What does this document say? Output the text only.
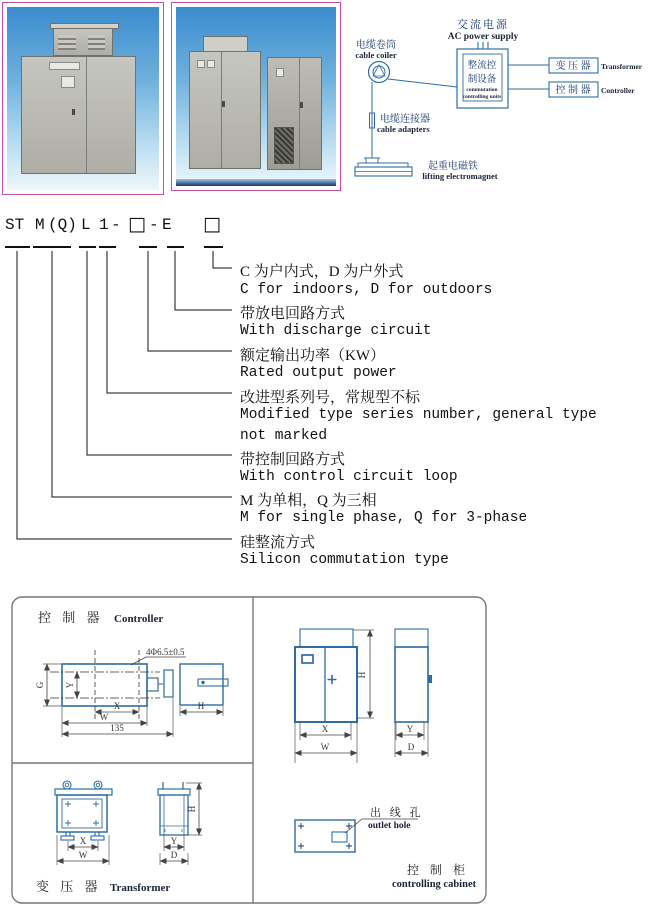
交流电源
AC power supply
整流控
制设备
commutation
controlling units
变 压 器 Transformer
控 制 器 Controller
电缆卷筒
cable coiler
电缆连接器
cable adapters
起重电磁铁
lifting electromagnet
ST M (Q) L 1 - □ - E □
C 为户内式，D 为户外式
C for indoors, D for outdoors
带放电回路方式
With discharge circuit
额定输出功率（KW）
Rated output power
改进型系列号，常规型不标
Modified type series number, general type
not marked
带控制回路方式
With control circuit loop
M 为单相，Q 为三相
M for single phase, Q for 3-phase
硅整流方式
Silicon commutation type
控 制 器 Controller
4Φ6.5±0.5
G Y
X
W
135
H
X
W
H
Y
D
变 压 器 Transformer
H
X
W
Y
D
出 线 孔
outlet hole
控 制 柜
controlling cabinet
